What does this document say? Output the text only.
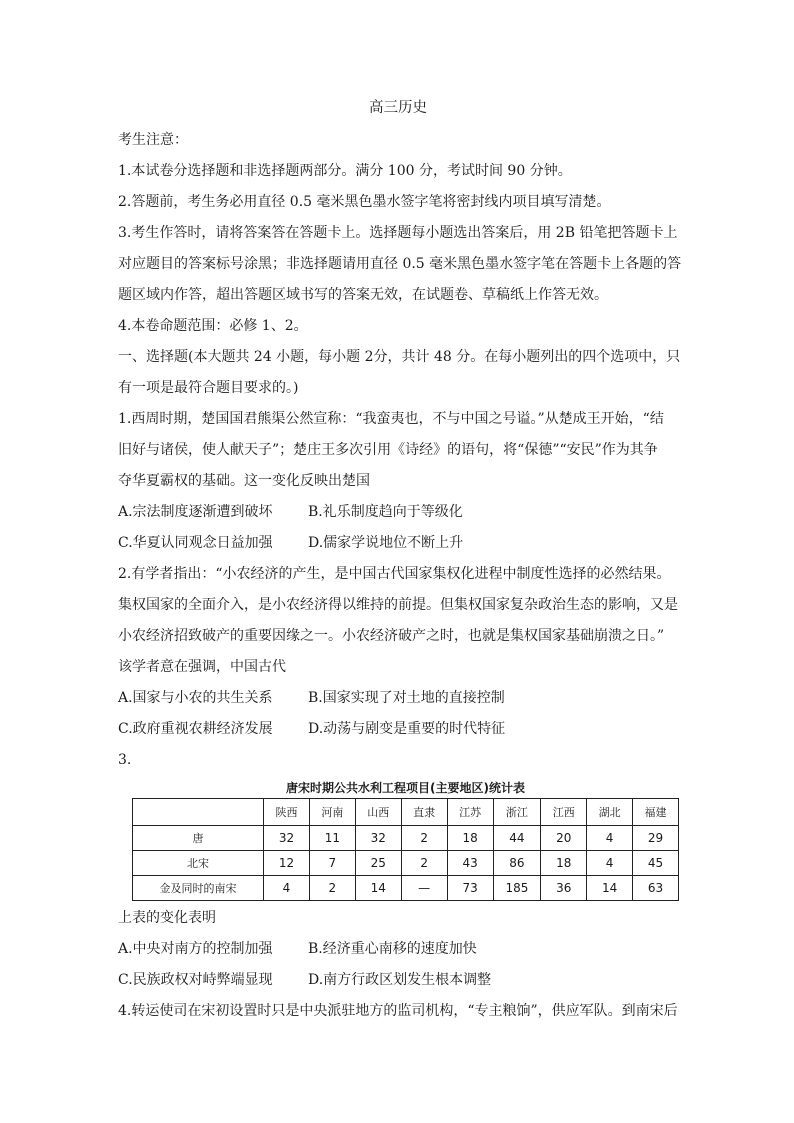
高三历史
考生注意：
1.本试卷分选择题和非选择题两部分。满分 100 分，考试时间 90 分钟。
2.答题前，考生务必用直径 0.5 毫米黑色墨水签字笔将密封线内项目填写清楚。
3.考生作答时，请将答案答在答题卡上。选择题每小题选出答案后，用 2B 铅笔把答题卡上
对应题目的答案标号涂黑；非选择题请用直径 0.5 毫米黑色墨水签字笔在答题卡上各题的答
题区域内作答，超出答题区域书写的答案无效，在试题卷、草稿纸上作答无效。
4.本卷命题范围：必修 1、2。
一、选择题(本大题共 24 小题，每小题 2分，共计 48 分。在每小题列出的四个选项中，只
有一项是最符合题目要求的。)
1.西周时期，楚国国君熊渠公然宣称：“我蛮夷也，不与中国之号谥。”从楚成王开始，“结
旧好与诸侯，使人献天子”；楚庄王多次引用《诗经》的语句，将“保德”“安民”作为其争
夺华夏霸权的基础。这一变化反映出楚国
A.宗法制度逐渐遭到破坏	B.礼乐制度趋向于等级化
C.华夏认同观念日益加强	D.儒家学说地位不断上升
2.有学者指出：“小农经济的产生，是中国古代国家集权化进程中制度性选择的必然结果。
集权国家的全面介入，是小农经济得以维持的前提。但集权国家复杂政治生态的影响，又是
小农经济招致破产的重要因缘之一。小农经济破产之时，也就是集权国家基础崩溃之日。”
该学者意在强调，中国古代
A.国家与小农的共生关系	B.国家实现了对土地的直接控制
C.政府重视农耕经济发展	D.动荡与剧变是重要的时代特征
3.
唐宋时期公共水利工程项目(主要地区)统计表
	陕西	河南	山西	直隶	江苏	浙江	江西	湖北	福建
唐	32	11	32	2	18	44	20	4	29
北宋	12	7	25	2	43	86	18	4	45
金及同时的南宋	4	2	14	—	73	185	36	14	63
上表的变化表明
A.中央对南方的控制加强	B.经济重心南移的速度加快
C.民族政权对峙弊端显现	D.南方行政区划发生根本调整
4.转运使司在宋初设置时只是中央派驻地方的监司机构，“专主粮饷”，供应军队。到南宋后
